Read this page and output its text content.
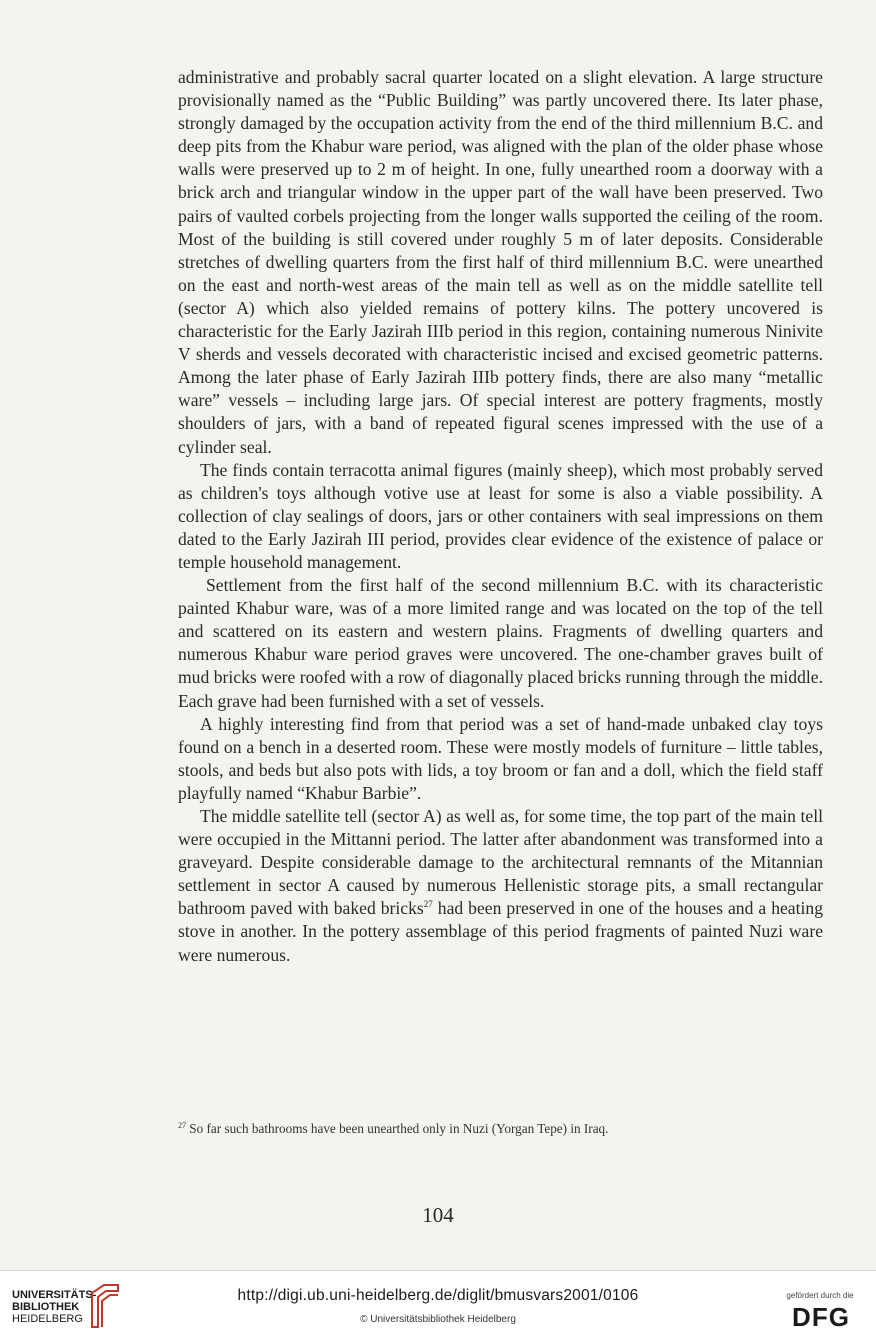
administrative and probably sacral quarter located on a slight elevation. A large structure provisionally named as the “Public Building” was partly uncovered there. Its later phase, strongly damaged by the occupation activity from the end of the third millennium B.C. and deep pits from the Khabur ware period, was aligned with the plan of the older phase whose walls were preserved up to 2 m of height. In one, fully unearthed room a doorway with a brick arch and triangular window in the upper part of the wall have been preserved. Two pairs of vaulted corbels projecting from the longer walls supported the ceiling of the room. Most of the building is still covered under roughly 5 m of later deposits. Considerable stretches of dwelling quarters from the first half of third millennium B.C. were unearthed on the east and north-west areas of the main tell as well as on the middle satellite tell (sector A) which also yielded remains of pottery kilns. The pottery uncovered is characteristic for the Early Jazirah IIIb period in this region, containing numerous Ninivite V sherds and vessels decorated with characteristic incised and excised geometric patterns. Among the later phase of Early Jazirah IIIb pottery finds, there are also many “metallic ware” vessels – including large jars. Of special interest are pottery fragments, mostly shoulders of jars, with a band of repeated figural scenes impressed with the use of a cylinder seal.

The finds contain terracotta animal figures (mainly sheep), which most probably served as children's toys although votive use at least for some is also a viable possibility. A collection of clay sealings of doors, jars or other containers with seal impressions on them dated to the Early Jazirah III period, provides clear evidence of the existence of palace or temple household management.

Settlement from the first half of the second millennium B.C. with its characteristic painted Khabur ware, was of a more limited range and was located on the top of the tell and scattered on its eastern and western plains. Fragments of dwelling quarters and numerous Khabur ware period graves were uncovered. The one-chamber graves built of mud bricks were roofed with a row of diagonally placed bricks running through the middle. Each grave had been furnished with a set of vessels.

A highly interesting find from that period was a set of hand-made unbaked clay toys found on a bench in a deserted room. These were mostly models of furniture – little tables, stools, and beds but also pots with lids, a toy broom or fan and a doll, which the field staff playfully named “Khabur Barbie”.

The middle satellite tell (sector A) as well as, for some time, the top part of the main tell were occupied in the Mittanni period. The latter after abandonment was transformed into a graveyard. Despite considerable damage to the architectural remnants of the Mitannian settlement in sector A caused by numerous Hellenistic storage pits, a small rectangular bathroom paved with baked bricks$^{27}$ had been preserved in one of the houses and a heating stove in another. In the pottery assemblage of this period fragments of painted Nuzi ware were numerous.

$^{27}$ So far such bathrooms have been unearthed only in Nuzi (Yorgan Tepe) in Iraq.
104
UNIVERSITÄTS-
BIBLIOTHEK
HEIDELBERG
http://digi.ub.uni-heidelberg.de/diglit/bmusvars2001/0106
© Universitätsbibliothek Heidelberg
gefördert durch die
DFG
